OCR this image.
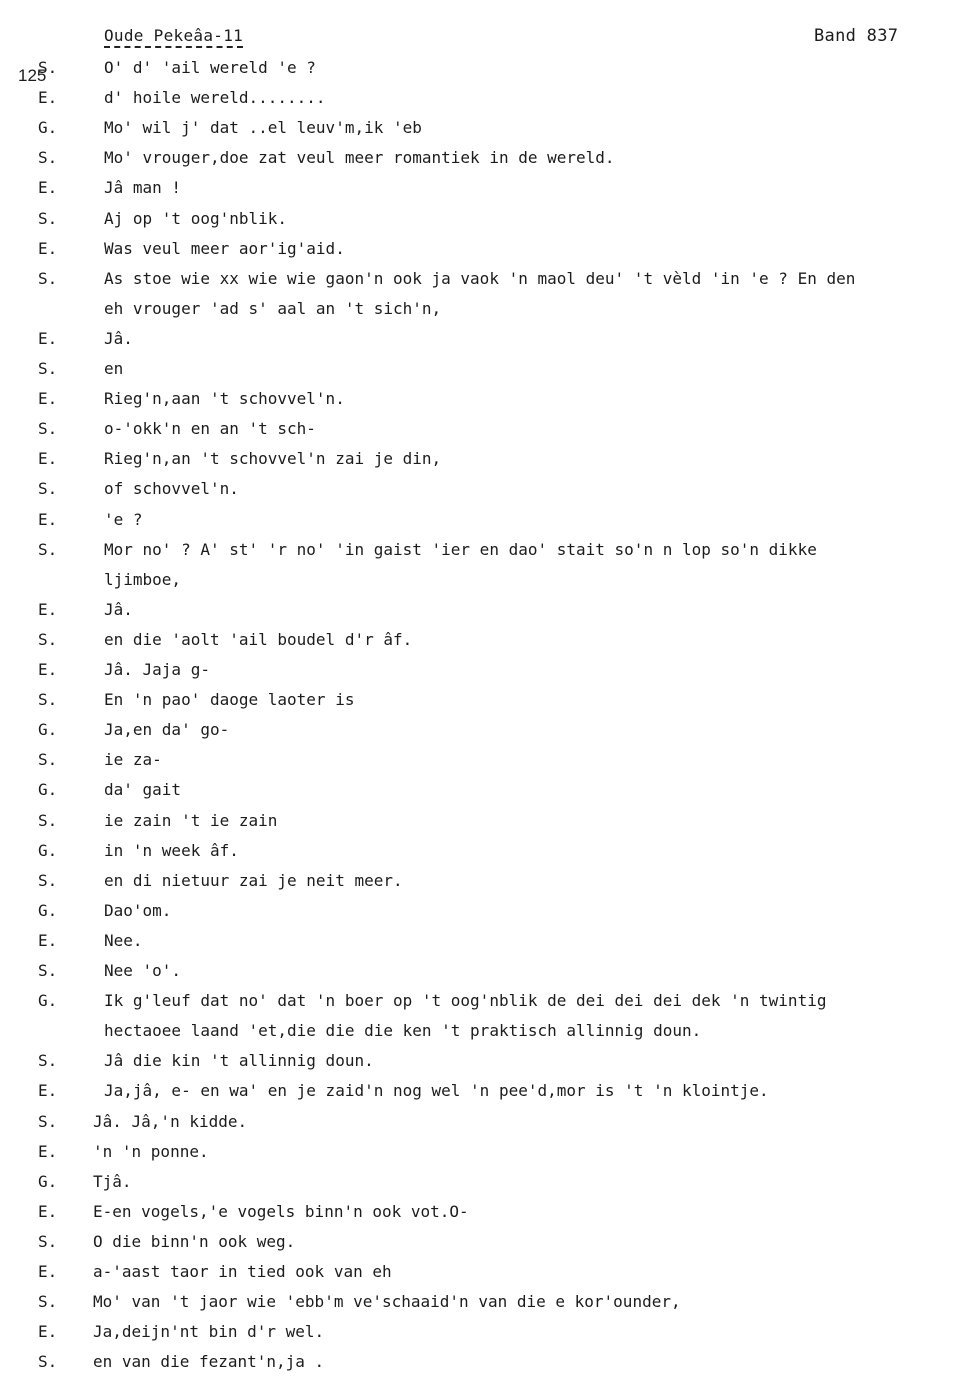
Oude Pekeâa-11	Band 837
125
S.	O' d' 'ail wereld 'e ?
E.	d' hoile wereld........
G.	Mo' wil j' dat ..el leuv'm,ik 'eb
S.	Mo' vrouger,doe zat veul meer romantiek in de wereld.
E.	Jâ man !
S.	Aj op 't oog'nblik.
E.	Was veul meer aor'ig'aid.
S.	As stoe wie xx wie wie gaon'n ook ja vaok 'n maol deu' 't vèld 'in 'e ? En den
eh vrouger 'ad s' aal an 't sich'n,
E.	Jâ.
S.	en
E.	Rieg'n,aan 't schovvel'n.
S.	o-'okk'n en an 't sch-
E.	Rieg'n,an 't schovvel'n zai je din,
S.	of schovvel'n.
E.	'e ?
S.	Mor no' ? A' st' 'r no' 'in gaist 'ier en dao' stait so'n n lop so'n dikke
ljimboe,
E.	Jâ.
S.	en die 'aolt 'ail boudel d'r âf.
E.	Jâ. Jaja g-
S.	En 'n pao' daoge laoter is
G.	Ja,en da' go-
S.	ie za-
G.	da' gait
S.	ie zain 't ie zain
G.	in 'n week âf.
S.	en di nietuur zai je neit meer.
G.	Dao'om.
E.	Nee.
S.	Nee 'o'.
G.	Ik g'leuf dat no' dat 'n boer op 't oog'nblik de dei dei dei dek 'n twintig
hectaoee laand 'et,die die die ken 't praktisch allinnig doun.
S.	Jâ die kin 't allinnig doun.
E.	Ja,jâ, e- en wa' en je zaid'n nog wel 'n pee'd,mor is 't 'n klointje.
S. Jâ. Jâ,'n kidde.
E. 'n 'n ponne.
G. Tjâ.
E. E-en vogels,'e vogels binn'n ook vot.O-
S. O die binn'n ook weg.
E. a-'aast taor in tied ook van eh
S. Mo' van 't jaor wie 'ebb'm ve'schaaid'n van die e kor'ounder,
E. Ja,deijn'nt bin d'r wel.
S. en van die fezant'n,ja .
